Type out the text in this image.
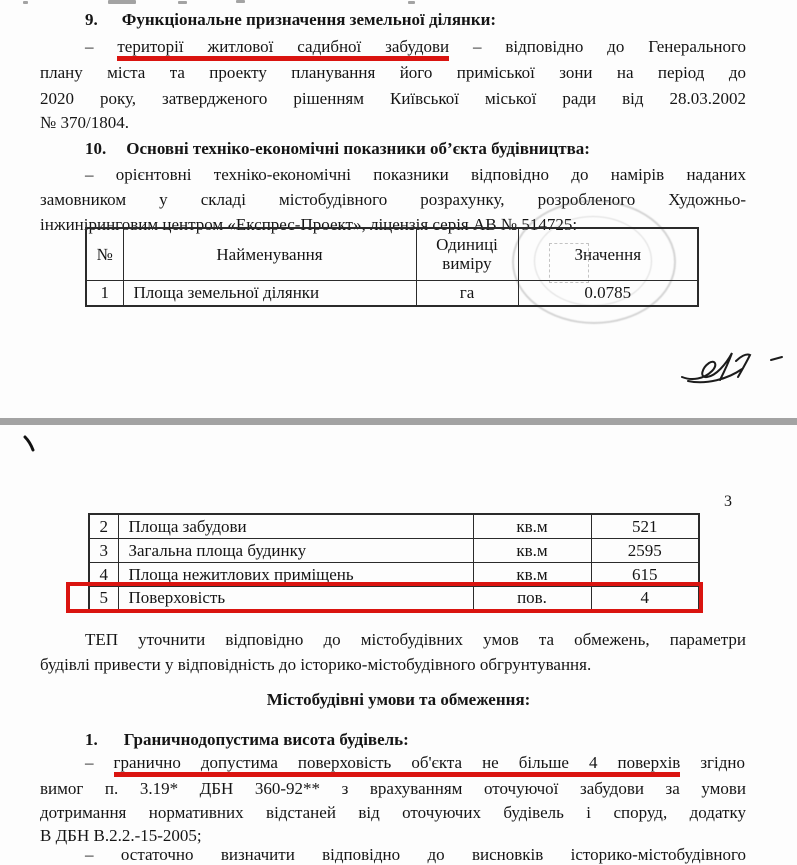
9. Функціональне призначення земельної ділянки:
– території житлової садибної забудови – відповідно до Генерального
плану міста та проекту планування його приміської зони на період до
2020 року, затвердженого рішенням Київської міської ради від 28.03.2002
№ 370/1804.
10. Основні техніко-економічні показники об’єкта будівництва:
– орієнтовні техніко-економічні показники відповідно до намірів наданих
замовником у складі містобудівного розрахунку, розробленого Художньо-
інжиніринговим центром «Експрес-Проект», ліцензія серія АВ № 514725:
№	Найменування	Одиниці виміру	Значення
1	Площа земельної ділянки	га	0.0785
3
2	Площа забудови	кв.м	521
3	Загальна площа будинку	кв.м	2595
4	Площа нежитлових приміщень	кв.м	615
5	Поверховість	пов.	4
ТЕП уточнити відповідно до містобудівних умов та обмежень, параметри
будівлі привести у відповідність до історико-містобудівного обгрунтування.
Містобудівні умови та обмеження:
1. Граничнодопустима висота будівель:
– гранично допустима поверховість об'єкта не більше 4 поверхів згідно
вимог п. 3.19* ДБН 360-92** з врахуванням оточуючої забудови за умови
дотримання нормативних відстаней від оточуючих будівель і споруд, додатку
В ДБН В.2.2.-15-2005;
– остаточно визначити відповідно до висновків історико-містобудівного
